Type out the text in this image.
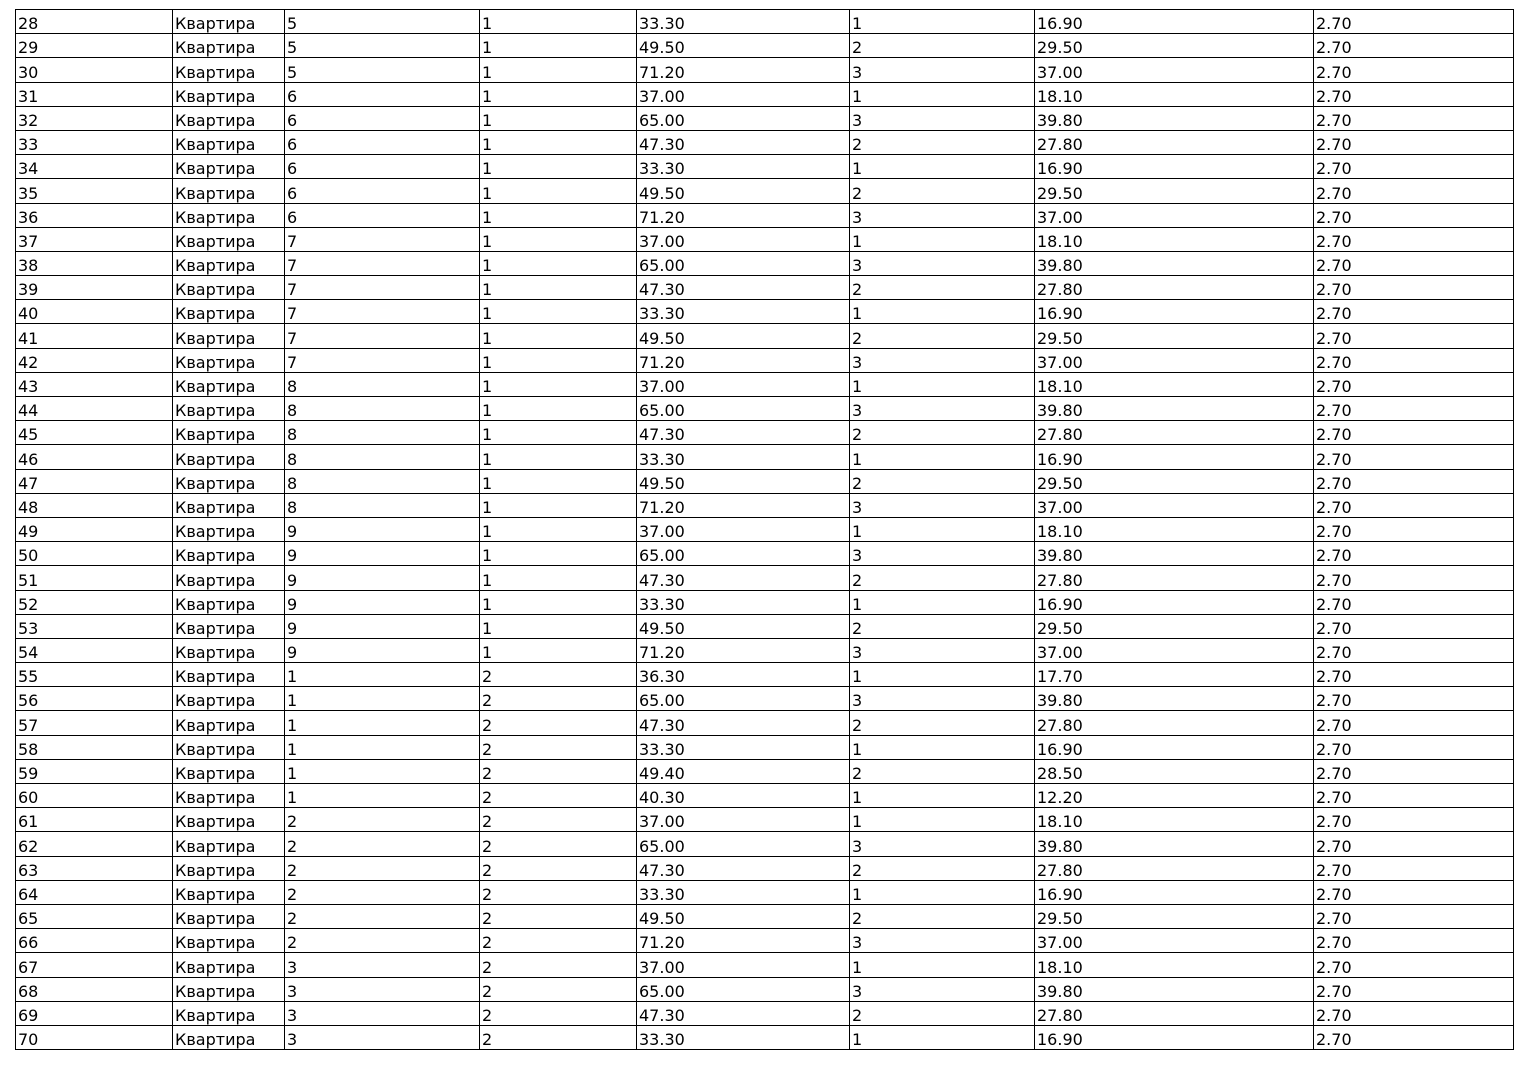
28	Квартира	5	1	33.30	1	16.90	2.70
29	Квартира	5	1	49.50	2	29.50	2.70
30	Квартира	5	1	71.20	3	37.00	2.70
31	Квартира	6	1	37.00	1	18.10	2.70
32	Квартира	6	1	65.00	3	39.80	2.70
33	Квартира	6	1	47.30	2	27.80	2.70
34	Квартира	6	1	33.30	1	16.90	2.70
35	Квартира	6	1	49.50	2	29.50	2.70
36	Квартира	6	1	71.20	3	37.00	2.70
37	Квартира	7	1	37.00	1	18.10	2.70
38	Квартира	7	1	65.00	3	39.80	2.70
39	Квартира	7	1	47.30	2	27.80	2.70
40	Квартира	7	1	33.30	1	16.90	2.70
41	Квартира	7	1	49.50	2	29.50	2.70
42	Квартира	7	1	71.20	3	37.00	2.70
43	Квартира	8	1	37.00	1	18.10	2.70
44	Квартира	8	1	65.00	3	39.80	2.70
45	Квартира	8	1	47.30	2	27.80	2.70
46	Квартира	8	1	33.30	1	16.90	2.70
47	Квартира	8	1	49.50	2	29.50	2.70
48	Квартира	8	1	71.20	3	37.00	2.70
49	Квартира	9	1	37.00	1	18.10	2.70
50	Квартира	9	1	65.00	3	39.80	2.70
51	Квартира	9	1	47.30	2	27.80	2.70
52	Квартира	9	1	33.30	1	16.90	2.70
53	Квартира	9	1	49.50	2	29.50	2.70
54	Квартира	9	1	71.20	3	37.00	2.70
55	Квартира	1	2	36.30	1	17.70	2.70
56	Квартира	1	2	65.00	3	39.80	2.70
57	Квартира	1	2	47.30	2	27.80	2.70
58	Квартира	1	2	33.30	1	16.90	2.70
59	Квартира	1	2	49.40	2	28.50	2.70
60	Квартира	1	2	40.30	1	12.20	2.70
61	Квартира	2	2	37.00	1	18.10	2.70
62	Квартира	2	2	65.00	3	39.80	2.70
63	Квартира	2	2	47.30	2	27.80	2.70
64	Квартира	2	2	33.30	1	16.90	2.70
65	Квартира	2	2	49.50	2	29.50	2.70
66	Квартира	2	2	71.20	3	37.00	2.70
67	Квартира	3	2	37.00	1	18.10	2.70
68	Квартира	3	2	65.00	3	39.80	2.70
69	Квартира	3	2	47.30	2	27.80	2.70
70	Квартира	3	2	33.30	1	16.90	2.70
